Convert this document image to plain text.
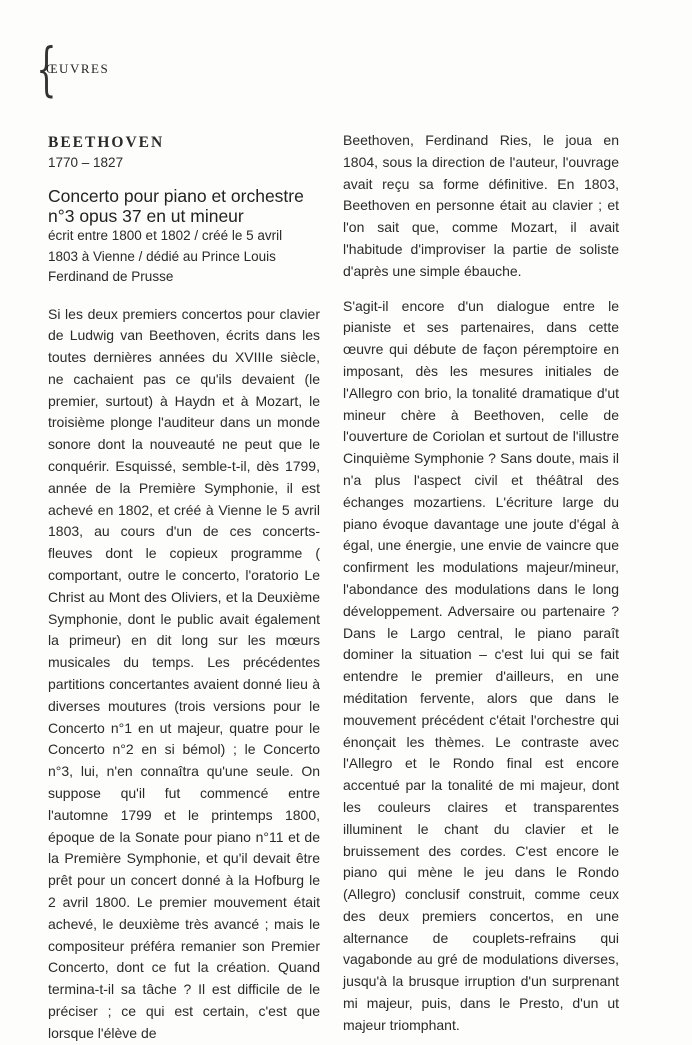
{
ŒUVRES
BEETHOVEN
1770 – 1827
Concerto pour piano et orchestre
n°3 opus 37 en ut mineur
écrit entre 1800 et 1802 / créé le 5 avril
1803 à Vienne / dédié au Prince Louis
Ferdinand de Prusse

Si les deux premiers concertos pour clavier de Ludwig van Beethoven, écrits dans les toutes dernières années du XVIIIe siècle, ne cachaient pas ce qu'ils devaient (le premier, surtout) à Haydn et à Mozart, le troisième plonge l'auditeur dans un monde sonore dont la nouveauté ne peut que le conquérir. Esquissé, semble-t-il, dès 1799, année de la Première Symphonie, il est achevé en 1802, et créé à Vienne le 5 avril 1803, au cours d'un de ces concerts-fleuves dont le copieux programme ( comportant, outre le concerto, l'oratorio Le Christ au Mont des Oliviers, et la Deuxième Symphonie, dont le public avait également la primeur) en dit long sur les mœurs musicales du temps. Les précédentes partitions concertantes avaient donné lieu à diverses moutures (trois versions pour le Concerto n°1 en ut majeur, quatre pour le Concerto n°2 en si bémol) ; le Concerto n°3, lui, n'en connaîtra qu'une seule. On suppose qu'il fut commencé entre l'automne 1799 et le printemps 1800, époque de la Sonate pour piano n°11 et de la Première Symphonie, et qu'il devait être prêt pour un concert donné à la Hofburg le 2 avril 1800. Le premier mouvement était achevé, le deuxième très avancé ; mais le compositeur préféra remanier son Premier Concerto, dont ce fut la création. Quand termina-t-il sa tâche ? Il est difficile de le préciser ; ce qui est certain, c'est que lorsque l'élève de

Beethoven, Ferdinand Ries, le joua en 1804, sous la direction de l'auteur, l'ouvrage avait reçu sa forme définitive. En 1803, Beethoven en personne était au clavier ; et l'on sait que, comme Mozart, il avait l'habitude d'improviser la partie de soliste d'après une simple ébauche.

S'agit-il encore d'un dialogue entre le pianiste et ses partenaires, dans cette œuvre qui débute de façon péremptoire en imposant, dès les mesures initiales de l'Allegro con brio, la tonalité dramatique d'ut mineur chère à Beethoven, celle de l'ouverture de Coriolan et surtout de l'illustre Cinquième Symphonie ? Sans doute, mais il n'a plus l'aspect civil et théâtral des échanges mozartiens. L'écriture large du piano évoque davantage une joute d'égal à égal, une énergie, une envie de vaincre que confirment les modulations majeur/mineur, l'abondance des modulations dans le long développement. Adversaire ou partenaire ? Dans le Largo central, le piano paraît dominer la situation – c'est lui qui se fait entendre le premier d'ailleurs, en une méditation fervente, alors que dans le mouvement précédent c'était l'orchestre qui énonçait les thèmes. Le contraste avec l'Allegro et le Rondo final est encore accentué par la tonalité de mi majeur, dont les couleurs claires et transparentes illuminent le chant du clavier et le bruissement des cordes. C'est encore le piano qui mène le jeu dans le Rondo (Allegro) conclusif construit, comme ceux des deux premiers concertos, en une alternance de couplets-refrains qui vagabonde au gré de modulations diverses, jusqu'à la brusque irruption d'un surprenant mi majeur, puis, dans le Presto, d'un ut majeur triomphant.
